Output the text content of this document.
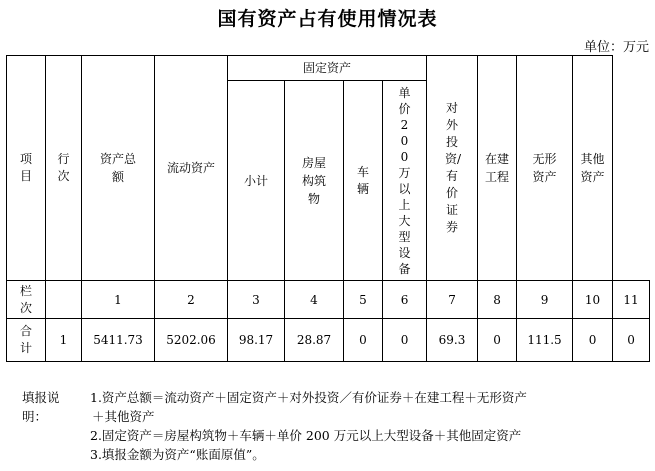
国有资产占有使用情况表
单位：万元
项目	行次	资产总额	流动资产	固定资产				对外投资/有价证券	在建工程	无形资产	其他资产	

				小计	房屋构筑物	车辆	单价200万以上大型设备					
栏次		1	2	3	4	5	6	7	8	9	10	11
合计	1	5411.73	5202.06	98.17	28.87	0	0	69.3	0	111.5	0	0
填报说明：
1.资产总额＝流动资产＋固定资产＋对外投资／有价证券＋在建工程＋无形资产
＋其他资产
2.固定资产＝房屋构筑物＋车辆＋单价 200 万元以上大型设备＋其他固定资产
3.填报金额为资产“账面原值”。
